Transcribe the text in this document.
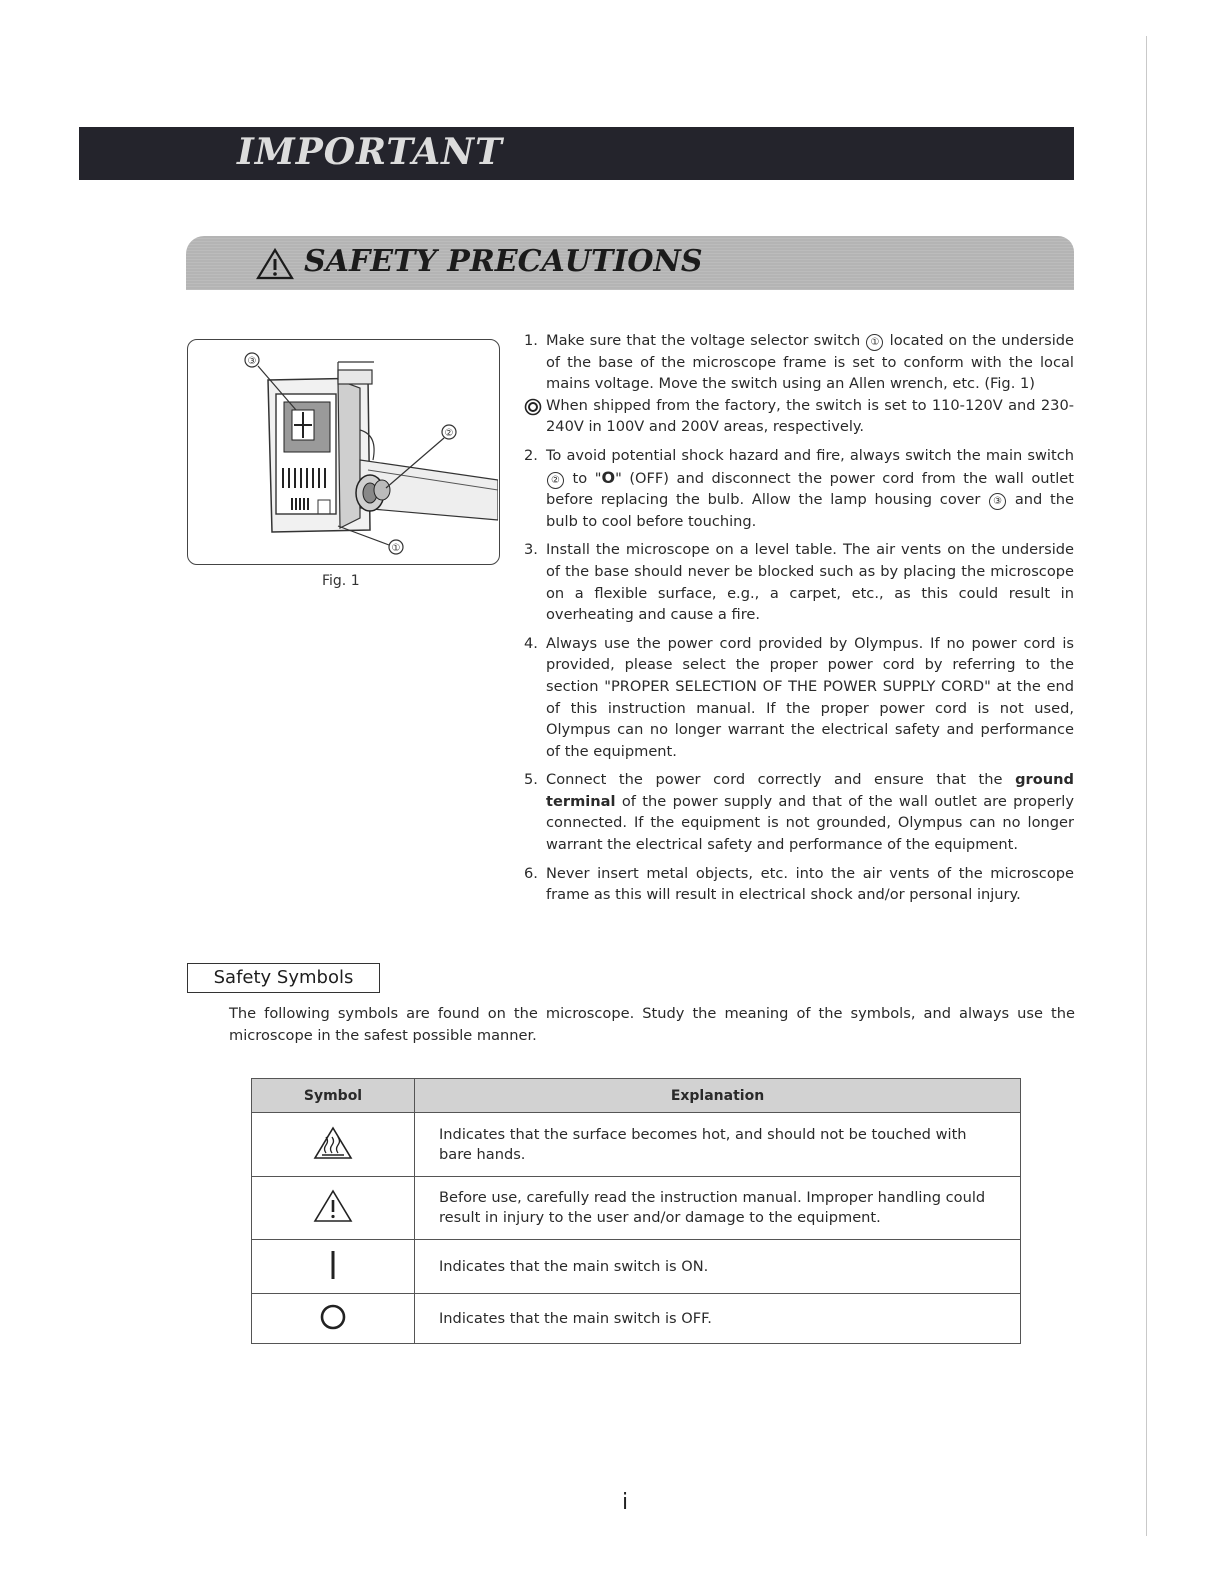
IMPORTANT
SAFETY PRECAUTIONS
③
②
①
Fig. 1
1. Make sure that the voltage selector switch ① located on the underside of the base of the microscope frame is set to conform with the local mains voltage. Move the switch using an Allen wrench, etc. (Fig. 1)
When shipped from the factory, the switch is set to 110-120V and 230-240V in 100V and 200V areas, respectively.
2. To avoid potential shock hazard and fire, always switch the main switch ② to "O" (OFF) and disconnect the power cord from the wall outlet before replacing the bulb. Allow the lamp housing cover ③ and the bulb to cool before touching.
3. Install the microscope on a level table. The air vents on the underside of the base should never be blocked such as by placing the microscope on a flexible surface, e.g., a carpet, etc., as this could result in overheating and cause a fire.
4. Always use the power cord provided by Olympus. If no power cord is provided, please select the proper power cord by referring to the section "PROPER SELECTION OF THE POWER SUPPLY CORD" at the end of this instruction manual. If the proper power cord is not used, Olympus can no longer warrant the electrical safety and performance of the equipment.
5. Connect the power cord correctly and ensure that the ground terminal of the power supply and that of the wall outlet are properly connected. If the equipment is not grounded, Olympus can no longer warrant the electrical safety and performance of the equipment.
6. Never insert metal objects, etc. into the air vents of the microscope frame as this will result in electrical shock and/or personal injury.
Safety Symbols
The following symbols are found on the microscope. Study the meaning of the symbols, and always use the microscope in the safest possible manner.
Symbol	Explanation
	Indicates that the surface becomes hot, and should not be touched with bare hands.
	Before use, carefully read the instruction manual. Improper handling could result in injury to the user and/or damage to the equipment.
	Indicates that the main switch is ON.
	Indicates that the main switch is OFF.
i
